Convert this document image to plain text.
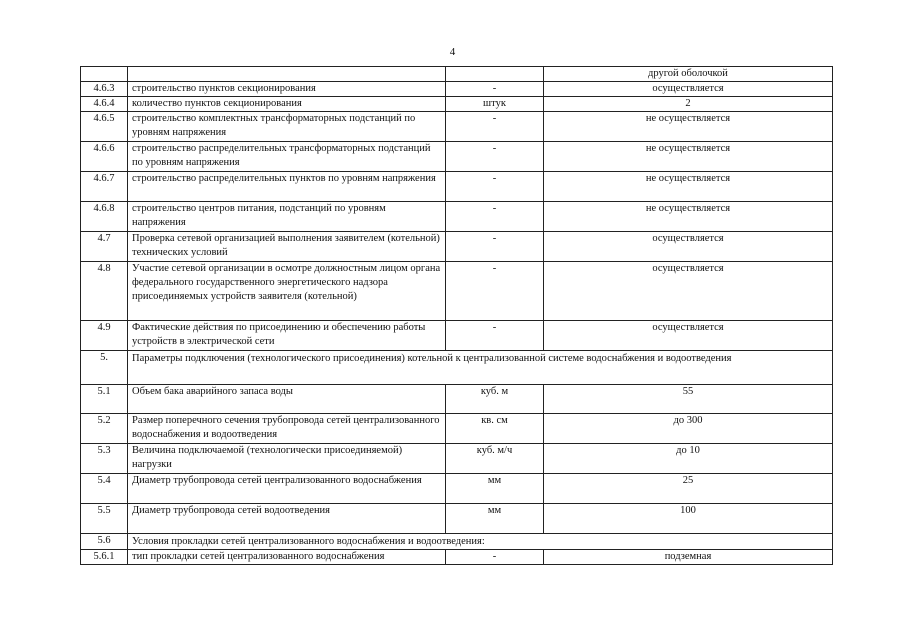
4
			другой оболочкой
4.6.3	строительство пунктов секционирования	-	осуществляется
4.6.4	количество пунктов секционирования	штук	2
4.6.5	строительство комплектных трансформаторных подстанций по уровням напряжения	-	не осуществляется
4.6.6	строительство распределительных трансформаторных подстанций по уровням напряжения	-	не осуществляется
4.6.7	строительство распределительных пунктов по уровням напряжения	-	не осуществляется
4.6.8	строительство центров питания, подстанций по уровням напряжения	-	не осуществляется
4.7	Проверка сетевой организацией выполнения заявителем (котельной) технических условий	-	осуществляется
4.8	Участие сетевой организации в осмотре должностным лицом органа федерального государственного энергетического надзора присоединяемых устройств заявителя (котельной)	-	осуществляется
4.9	Фактические действия по присоединению и обеспечению работы устройств в электрической сети	-	осуществляется
5.	Параметры подключения (технологического присоединения) котельной к централизованной системе водоснабжения и водоотведения		
5.1	Объем бака аварийного запаса воды	куб. м	55
5.2	Размер поперечного сечения трубопровода сетей централизованного водоснабжения и водоотведения	кв. см	до 300
5.3	Величина подключаемой (технологически присоединяемой) нагрузки	куб. м/ч	до 10
5.4	Диаметр трубопровода сетей централизованного водоснабжения	мм	25
5.5	Диаметр трубопровода сетей водоотведения	мм	100
5.6	Условия прокладки сетей централизованного водоснабжения и водоотведения:		
5.6.1	тип прокладки сетей централизованного водоснабжения	-	подземная
